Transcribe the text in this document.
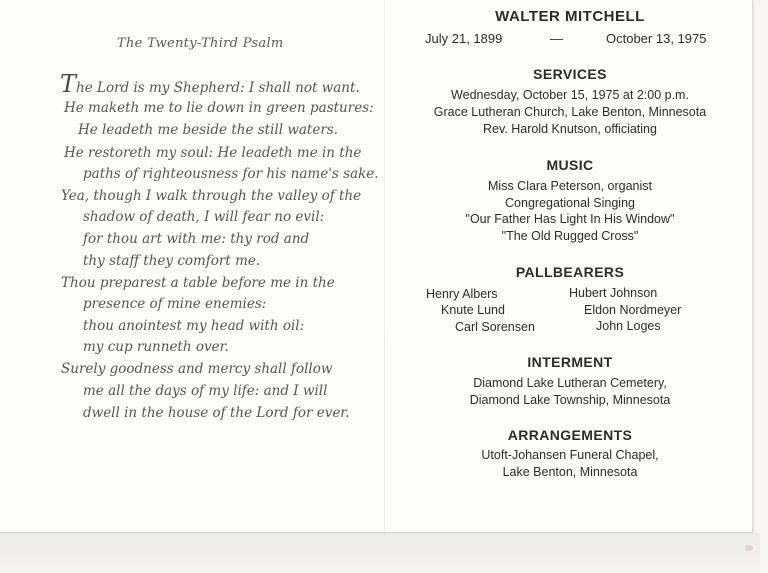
The Twenty-Third Psalm
The Lord is my Shepherd: I shall not want.
He maketh me to lie down in green pastures:
He leadeth me beside the still waters.
He restoreth my soul: He leadeth me in the
paths of righteousness for his name's sake.
Yea, though I walk through the valley of the
shadow of death, I will fear no evil:
for thou art with me: thy rod and
thy staff they comfort me.
Thou preparest a table before me in the
presence of mine enemies:
thou anointest my head with oil:
my cup runneth over.
Surely goodness and mercy shall follow
me all the days of my life: and I will
dwell in the house of the Lord for ever.
WALTER MITCHELL
July 21, 1899	—	October 13, 1975
SERVICES
Wednesday, October 15, 1975 at 2:00 p.m.
Grace Lutheran Church, Lake Benton, Minnesota
Rev. Harold Knutson, officiating
MUSIC
Miss Clara Peterson, organist
Congregational Singing
"Our Father Has Light In His Window"
"The Old Rugged Cross"
PALLBEARERS
Henry Albers
Knute Lund
Carl Sorensen
Hubert Johnson
Eldon Nordmeyer
John Loges
INTERMENT
Diamond Lake Lutheran Cemetery,
Diamond Lake Township, Minnesota
ARRANGEMENTS
Utoft-Johansen Funeral Chapel,
Lake Benton, Minnesota
